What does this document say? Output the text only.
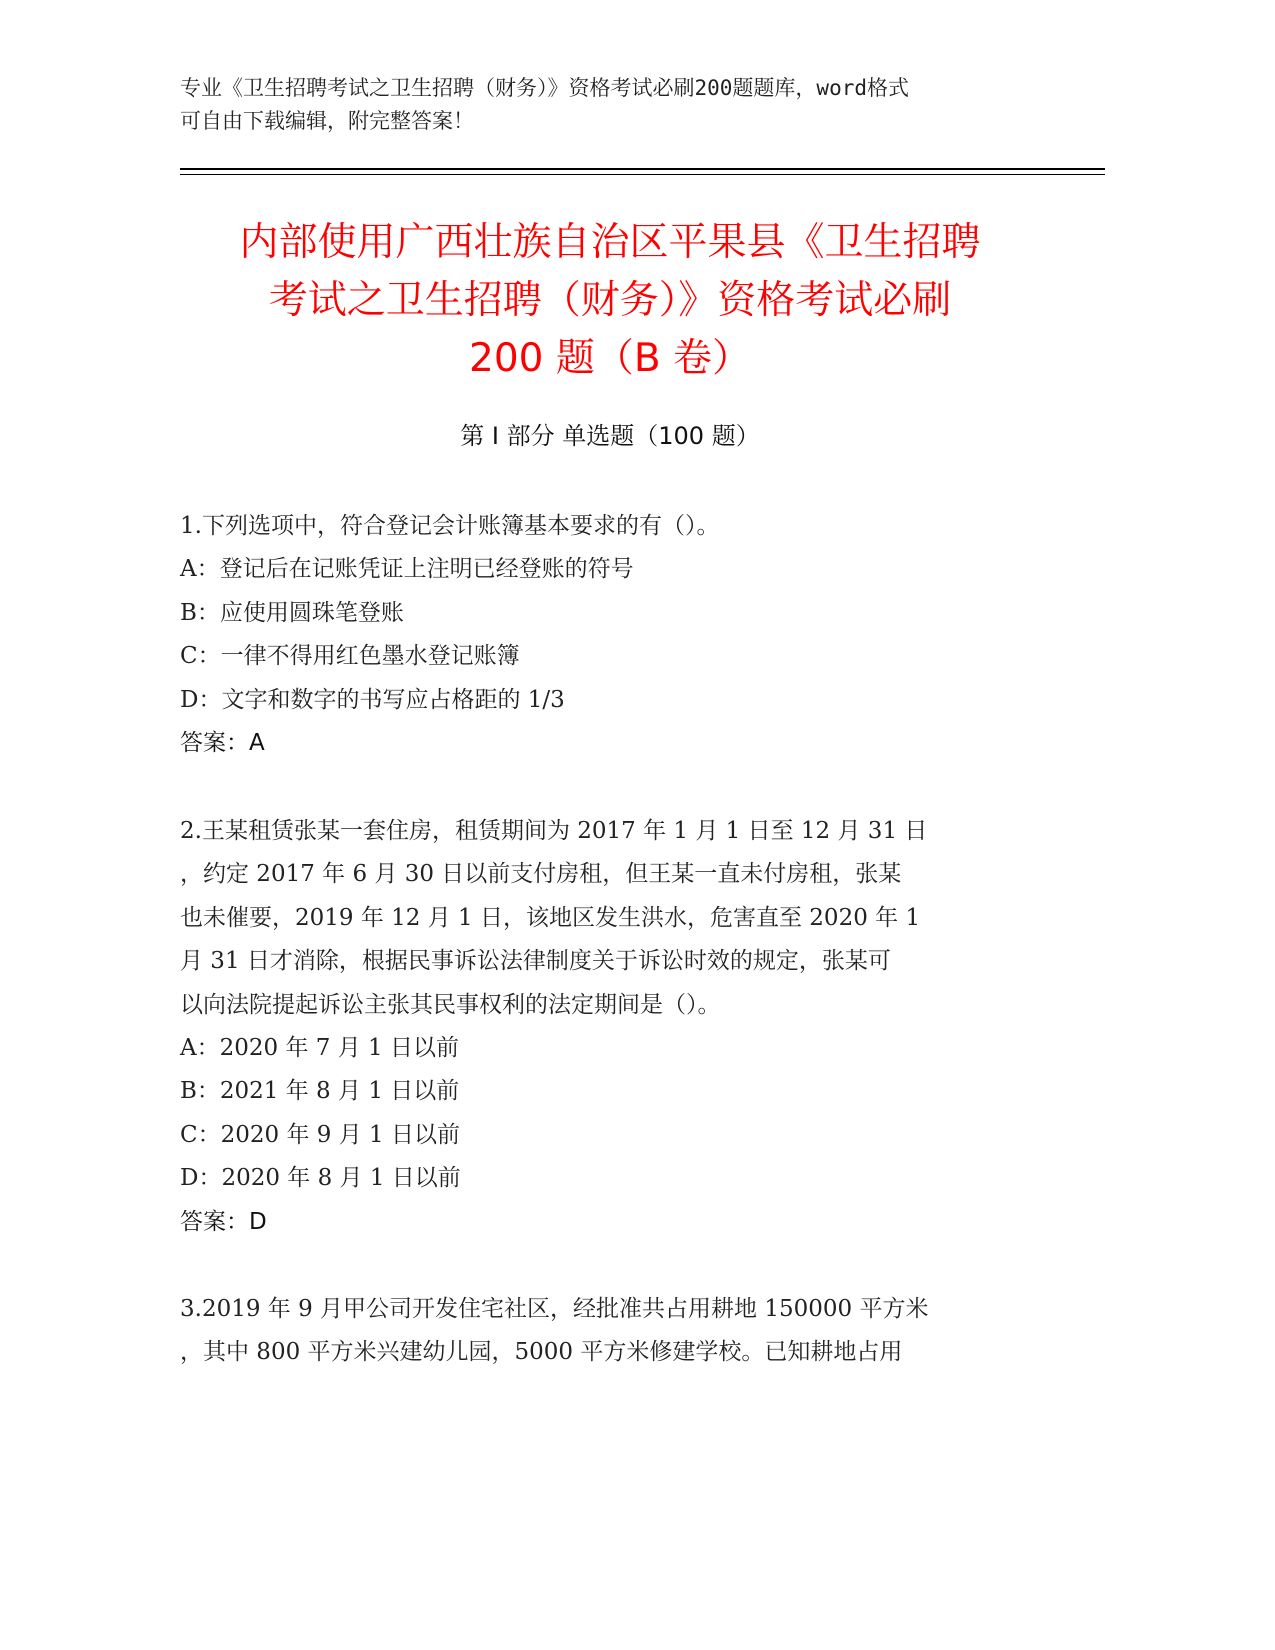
专业《卫生招聘考试之卫生招聘（财务）》资格考试必刷200题题库，word格式
可自由下载编辑，附完整答案！
内部使用广西壮族自治区平果县《卫生招聘
考试之卫生招聘（财务）》资格考试必刷
200 题（B 卷）
第 I 部分 单选题（100 题）

1.下列选项中，符合登记会计账簿基本要求的有（）。

A：登记后在记账凭证上注明已经登账的符号

B：应使用圆珠笔登账

C：一律不得用红色墨水登记账簿

D：文字和数字的书写应占格距的 1/3

答案：A

2.王某租赁张某一套住房，租赁期间为 2017 年 1 月 1 日至 12 月 31 日

，约定 2017 年 6 月 30 日以前支付房租，但王某一直未付房租，张某

也未催要，2019 年 12 月 1 日，该地区发生洪水，危害直至 2020 年 1

月 31 日才消除，根据民事诉讼法律制度关于诉讼时效的规定，张某可

以向法院提起诉讼主张其民事权利的法定期间是（）。

A：2020 年 7 月 1 日以前

B：2021 年 8 月 1 日以前

C：2020 年 9 月 1 日以前

D：2020 年 8 月 1 日以前

答案：D

3.2019 年 9 月甲公司开发住宅社区，经批准共占用耕地 150000 平方米

，其中 800 平方米兴建幼儿园，5000 平方米修建学校。已知耕地占用
